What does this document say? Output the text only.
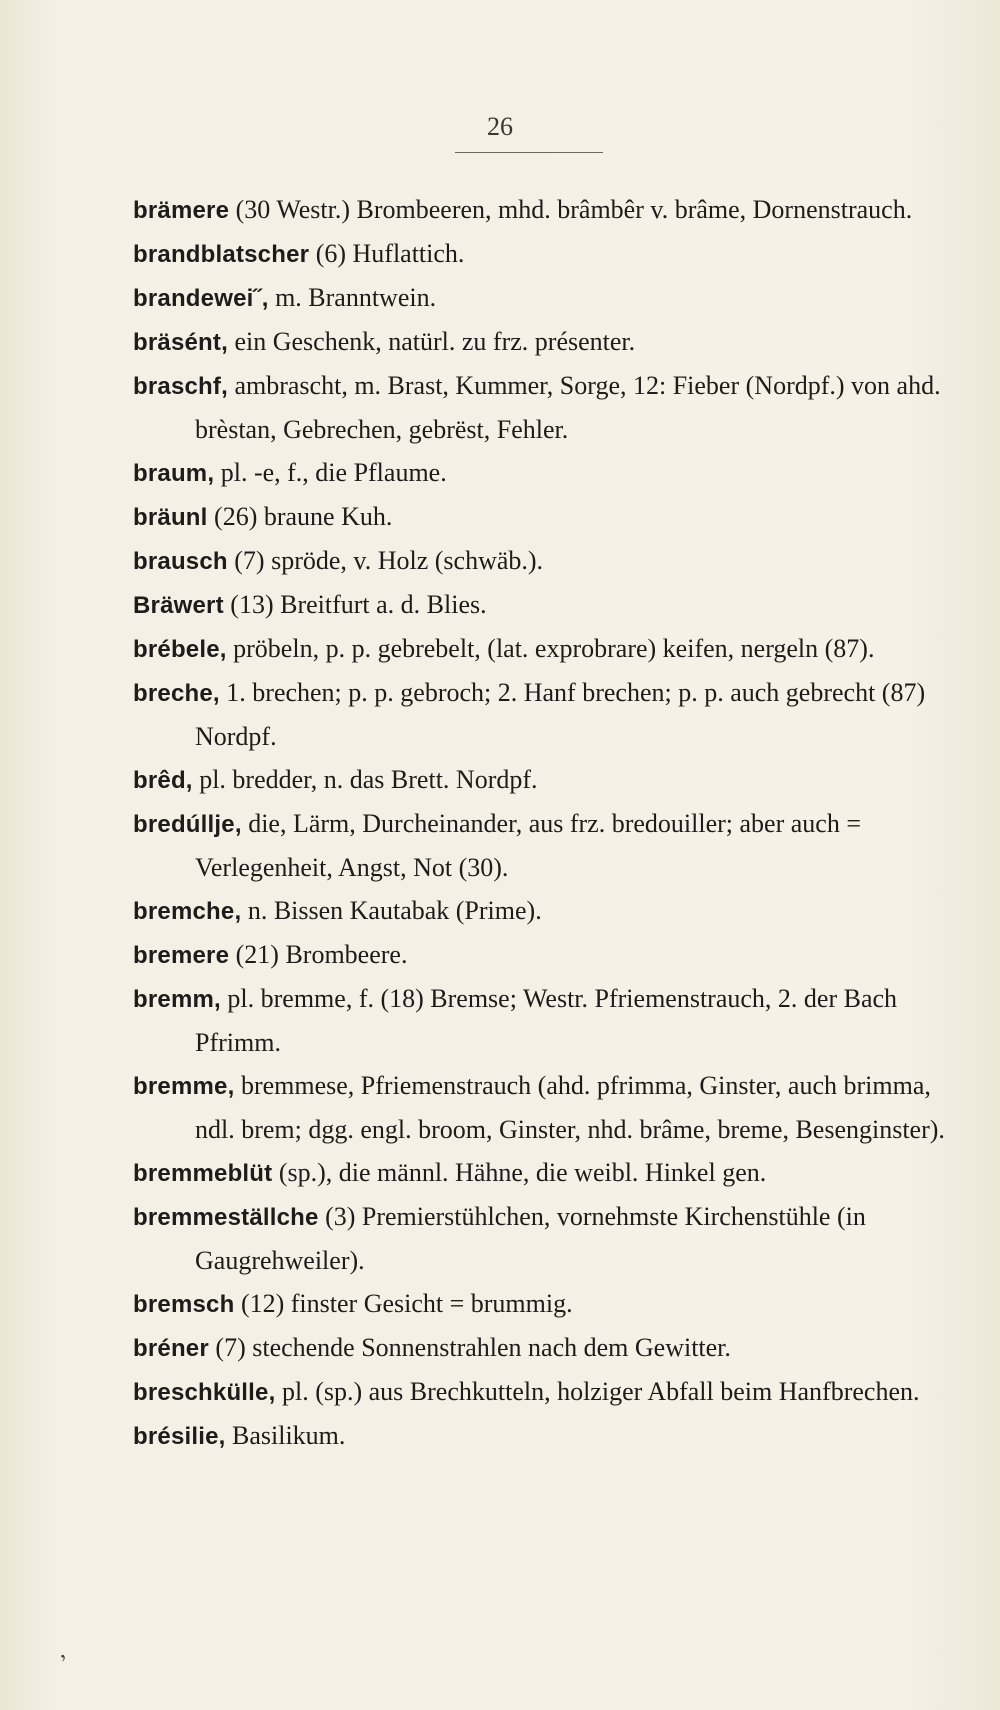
26
brämere (30 Westr.) Brombeeren, mhd. brâmbêr v. brâme, Dornenstrauch.
brandblatscher (6) Huflattich.
brandewei˝, m. Branntwein.
bräsént, ein Geschenk, natürl. zu frz. présenter.
braschf, ambrascht, m. Brast, Kummer, Sorge, 12: Fieber (Nordpf.) von ahd. brèstan, Gebrechen, gebrëst, Fehler.
braum, pl. -e, f., die Pflaume.
bräunl (26) braune Kuh.
brausch (7) spröde, v. Holz (schwäb.).
Bräwert (13) Breitfurt a. d. Blies.
brébele, pröbeln, p. p. gebrebelt, (lat. exprobrare) keifen, nergeln (87).
breche, 1. brechen; p. p. gebroch; 2. Hanf brechen; p. p. auch gebrecht (87) Nordpf.
brêd, pl. bredder, n. das Brett. Nordpf.
bredúllje, die, Lärm, Durcheinander, aus frz. bredouiller; aber auch = Verlegenheit, Angst, Not (30).
bremche, n. Bissen Kautabak (Prime).
bremere (21) Brombeere.
bremm, pl. bremme, f. (18) Bremse; Westr. Pfriemenstrauch, 2. der Bach Pfrimm.
bremme, bremmese, Pfriemenstrauch (ahd. pfrimma, Ginster, auch brimma, ndl. brem; dgg. engl. broom, Ginster, nhd. brâme, breme, Besenginster).
bremmeblüt (sp.), die männl. Hähne, die weibl. Hinkel gen.
bremmeställche (3) Premierstühlchen, vornehmste Kirchenstühle (in Gaugrehweiler).
bremsch (12) finster Gesicht = brummig.
bréner (7) stechende Sonnenstrahlen nach dem Gewitter.
breschkülle, pl. (sp.) aus Brechkutteln, holziger Abfall beim Hanfbrechen.
brésilie, Basilikum.
’
